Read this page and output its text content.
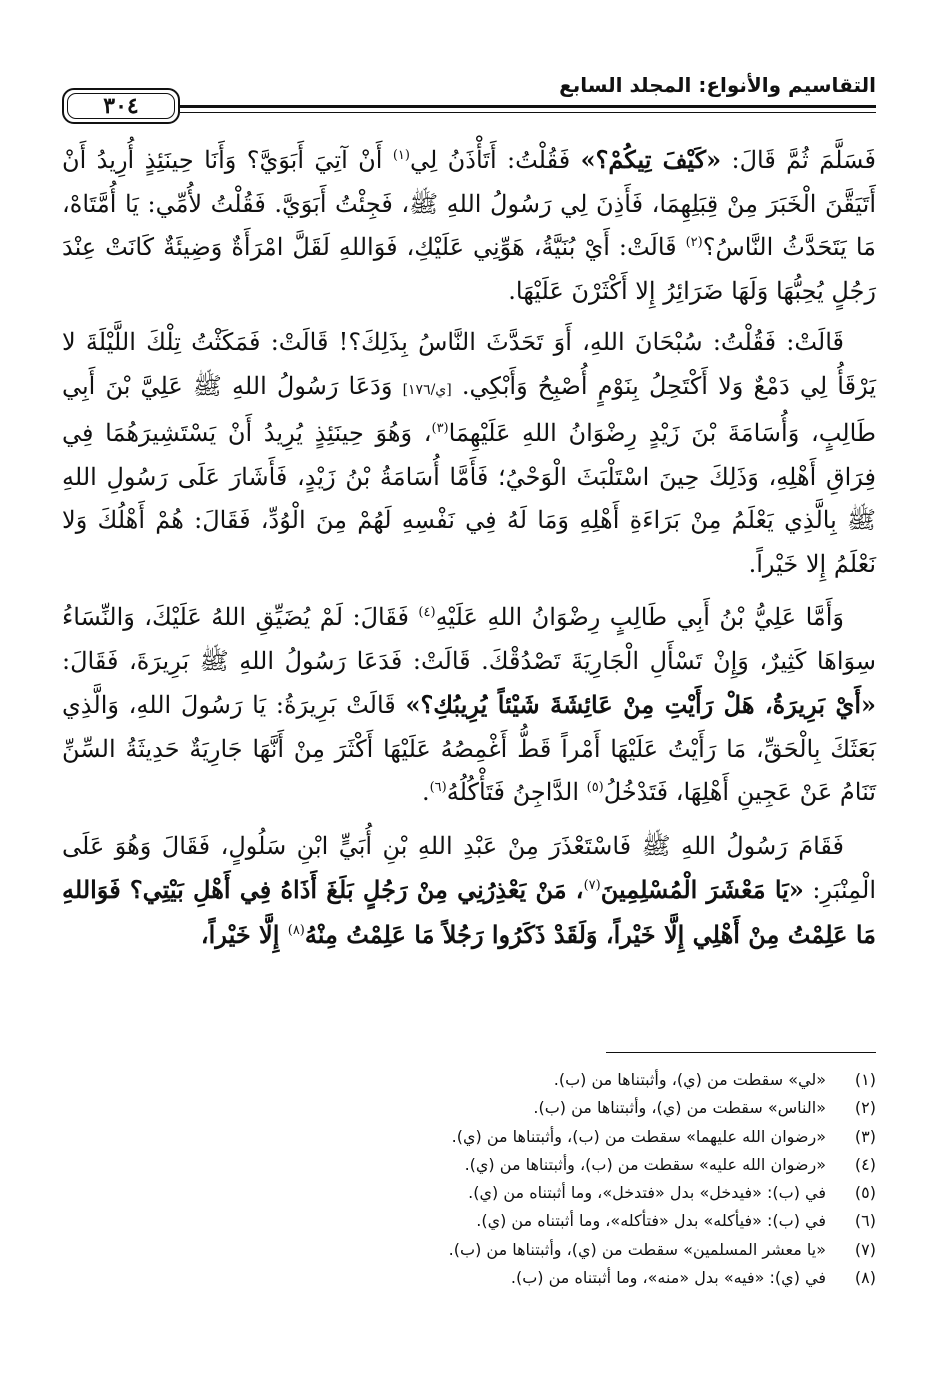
التقاسيم والأنواع: المجلد السابع
٣٠٤

فَسَلَّمَ ثُمَّ قَالَ: «كَيْفَ تِيكُمْ؟» فَقُلْتُ: أَتَأْذَنُ لِي$^{(١)}$ أَنْ آتِيَ أَبَوَيَّ؟ وَأَنَا حِينَئِذٍ أُرِيدُ أَنْ أَتَيَقَّنَ الْخَبَرَ مِنْ قِبَلِهِمَا، فَأَذِنَ لِي رَسُولُ اللهِ ﷺ، فَجِئْتُ أَبَوَيَّ. فَقُلْتُ لأُمِّي: يَا أُمَّتَاهْ، مَا يَتَحَدَّثُ النَّاسُ؟$^{(٢)}$ قَالَتْ: أَيْ بُنَيَّةُ، هَوِّنِي عَلَيْكِ، فَوَاللهِ لَقَلَّ امْرَأَةٌ وَضِيئَةٌ كَانَتْ عِنْدَ رَجُلٍ يُحِبُّهَا وَلَهَا ضَرَائِرُ إِلا أَكْثَرْنَ عَلَيْهَا.

قَالَتْ: فَقُلْتُ: سُبْحَانَ اللهِ، أَوَ تَحَدَّثَ النَّاسُ بِذَلِكَ؟! قَالَتْ: فَمَكَثْتُ تِلْكَ اللَّيْلَةَ لا يَرْقَأُ لِي دَمْعٌ وَلا أَكْتَحِلُ بِنَوْمٍ أُصْبِحُ وَأَبْكِي. [ي/١٧٦] وَدَعَا رَسُولُ اللهِ ﷺ عَلِيَّ بْنَ أَبِي طَالِبٍ، وَأُسَامَةَ بْنَ زَيْدٍ رِضْوَانُ اللهِ عَلَيْهِمَا$^{(٣)}$، وَهُوَ حِينَئِذٍ يُرِيدُ أَنْ يَسْتَشِيرَهُمَا فِي فِرَاقِ أَهْلِهِ، وَذَلِكَ حِينَ اسْتَلْبَثَ الْوَحْيُ؛ فَأَمَّا أُسَامَةُ بْنُ زَيْدٍ، فَأَشَارَ عَلَى رَسُولِ اللهِ ﷺ بِالَّذِي يَعْلَمُ مِنْ بَرَاءَةِ أَهْلِهِ وَمَا لَهُ فِي نَفْسِهِ لَهُمْ مِنَ الْوُدِّ، فَقَالَ: هُمْ أَهْلُكَ وَلا نَعْلَمُ إِلا خَيْراً.

وَأَمَّا عَلِيُّ بْنُ أَبِي طَالِبٍ رِضْوَانُ اللهِ عَلَيْهِ$^{(٤)}$ فَقَالَ: لَمْ يُضَيِّقِ اللهُ عَلَيْكَ، وَالنِّسَاءُ سِوَاهَا كَثِيرٌ، وَإِنْ تَسْأَلِ الْجَارِيَةَ تَصْدُقْكَ. قَالَتْ: فَدَعَا رَسُولُ اللهِ ﷺ بَرِيرَةَ، فَقَالَ: «أَيْ بَرِيرَةُ، هَلْ رَأَيْتِ مِنْ عَائِشَةَ شَيْئاً يُرِيبُكِ؟» قَالَتْ بَرِيرَةُ: يَا رَسُولَ اللهِ، وَالَّذِي بَعَثَكَ بِالْحَقِّ، مَا رَأَيْتُ عَلَيْهَا أَمْراً قَطُّ أَغْمِصُهُ عَلَيْهَا أَكْثَرَ مِنْ أَنَّهَا جَارِيَةٌ حَدِيثَةُ السِّنِّ تَنَامُ عَنْ عَجِينِ أَهْلِهَا، فَتَدْخُلُ$^{(٥)}$ الدَّاجِنُ فَتَأْكُلُهُ$^{(٦)}$.

فَقَامَ رَسُولُ اللهِ ﷺ فَاسْتَعْذَرَ مِنْ عَبْدِ اللهِ بْنِ أُبَيٍّ ابْنِ سَلُولٍ، فَقَالَ وَهُوَ عَلَى الْمِنْبَرِ: «يَا مَعْشَرَ الْمُسْلِمِينَ$^{(٧)}$، مَنْ يَعْذِرُنِي مِنْ رَجُلٍ بَلَغَ أَذَاهُ فِي أَهْلِ بَيْتِي؟ فَوَاللهِ مَا عَلِمْتُ مِنْ أَهْلِي إِلَّا خَيْراً، وَلَقَدْ ذَكَرُوا رَجُلاً مَا عَلِمْتُ مِنْهُ$^{(٨)}$ إِلَّا خَيْراً،

(١)«لي» سقطت من (ي)، وأثبتناها من (ب).
(٢)«الناس» سقطت من (ي)، وأثبتناها من (ب).
(٣)«رضوان الله عليهما» سقطت من (ب)، وأثبتناها من (ي).
(٤)«رضوان الله عليه» سقطت من (ب)، وأثبتناها من (ي).
(٥)في (ب): «فيدخل» بدل «فتدخل»، وما أثبتناه من (ي).
(٦)في (ب): «فيأكله» بدل «فتأكله»، وما أثبتناه من (ي).
(٧)«يا معشر المسلمين» سقطت من (ي)، وأثبتناها من (ب).
(٨)في (ي): «فيه» بدل «منه»، وما أثبتناه من (ب).
